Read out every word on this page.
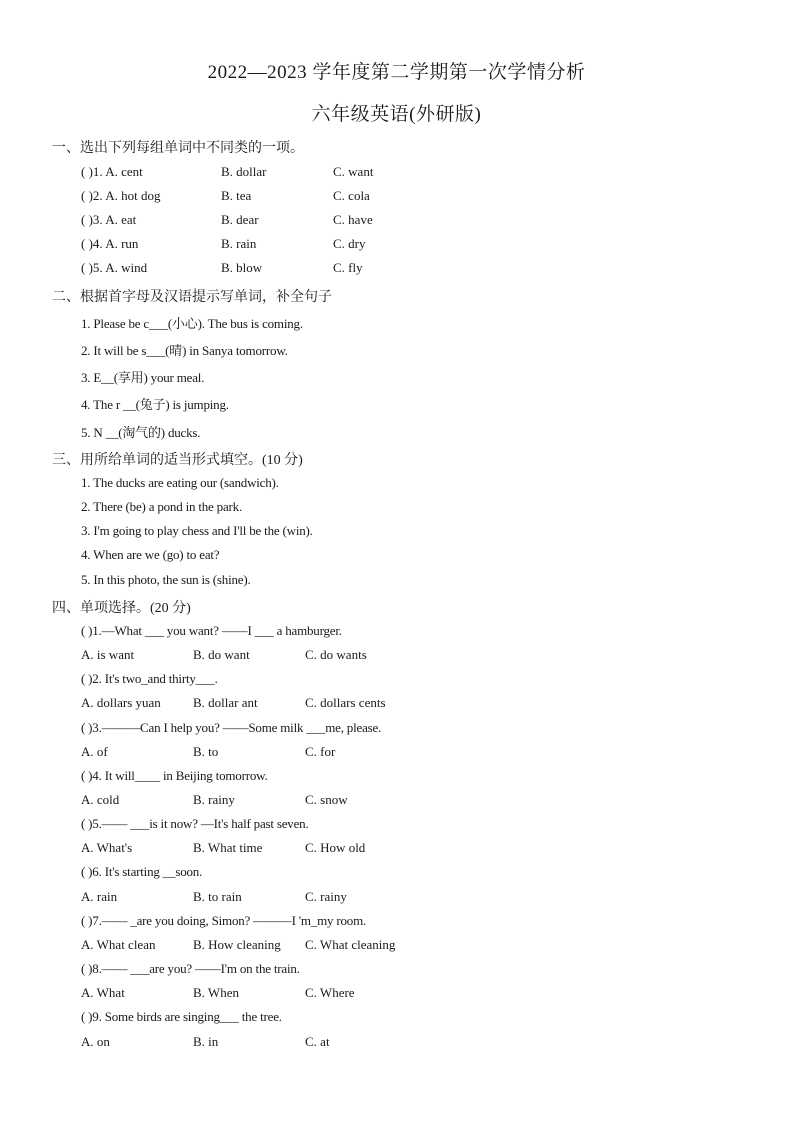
2022—2023 学年度第二学期第一次学情分析
六年级英语(外研版)
一、选出下列每组单词中不同类的一项。
( )1. A. cent	B. dollar	C. want
( )2. A. hot dog	B. tea	C. cola
( )3. A. eat	B. dear	C. have
( )4. A. run	B. rain	C. dry
( )5. A. wind	B. blow	C. fly
二、根据首字母及汉语提示写单词，补全句子
1. Please be c___(小心). The bus is coming.
2. It will be s___(晴) in Sanya tomorrow.
3. E__(享用) your meal.
4. The r __(兔子) is jumping.
5. N __(淘气的) ducks.
三、用所给单词的适当形式填空。(10 分)
1. The ducks are eating our (sandwich).
2. There (be) a pond in the park.
3. I'm going to play chess and I'll be the (win).
4. When are we (go) to eat?
5. In this photo, the sun is (shine).
四、单项选择。(20 分)
( )1.—What ___ you want? ——I ___ a hamburger.
A. is want	B. do want	C. do wants
( )2. It's two_and thirty___.
A. dollars yuan B. dollar ant	C. dollars cents
( )3.———Can I help you? ——Some milk ___me, please.
A. of	B. to	C. for
( )4. It will____ in Beijing tomorrow.
A. cold	B. rainy	C. snow
( )5.—— ___is it now? —It's half past seven.
A. What's	B. What time	C. How old
( )6. It's starting __soon.
A. rain	B. to rain	C. rainy
( )7.—— _are you doing, Simon? ———I 'm_my room.
A. What clean	B. How cleaning C. What cleaning
( )8.—— ___are you? ——I'm on the train.
A. What	B. When	C. Where
( )9. Some birds are singing___ the tree.
A. on	B. in	C. at
